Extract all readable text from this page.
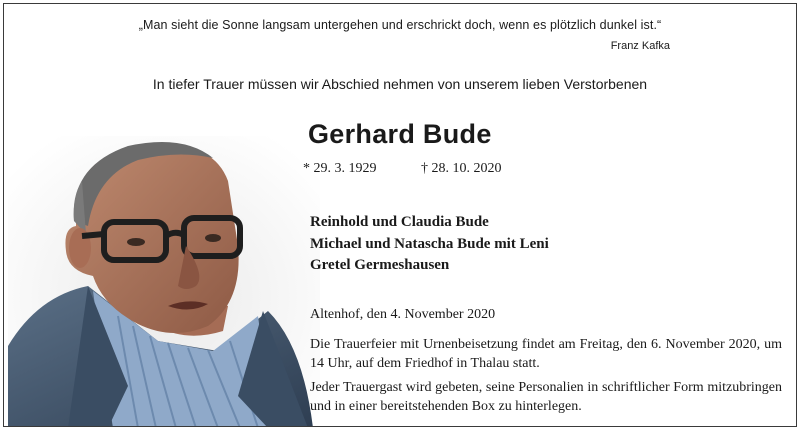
„Man sieht die Sonne langsam untergehen und erschrickt doch, wenn es plötzlich dunkel ist.“
Franz Kafka
In tiefer Trauer müssen wir Abschied nehmen von unserem lieben Verstorbenen
Gerhard Bude
* 29. 3. 1929	† 28. 10. 2020
Reinhold und Claudia Bude
Michael und Natascha Bude mit Leni
Gretel Germeshausen
Altenhof, den 4. November 2020
Die Trauerfeier mit Urnenbeisetzung findet am Freitag, den 6. November 2020, um 14 Uhr, auf dem Friedhof in Thalau statt.
Jeder Trauergast wird gebeten, seine Personalien in schriftlicher Form mitzubringen und in einer bereitstehenden Box zu hinterlegen.
